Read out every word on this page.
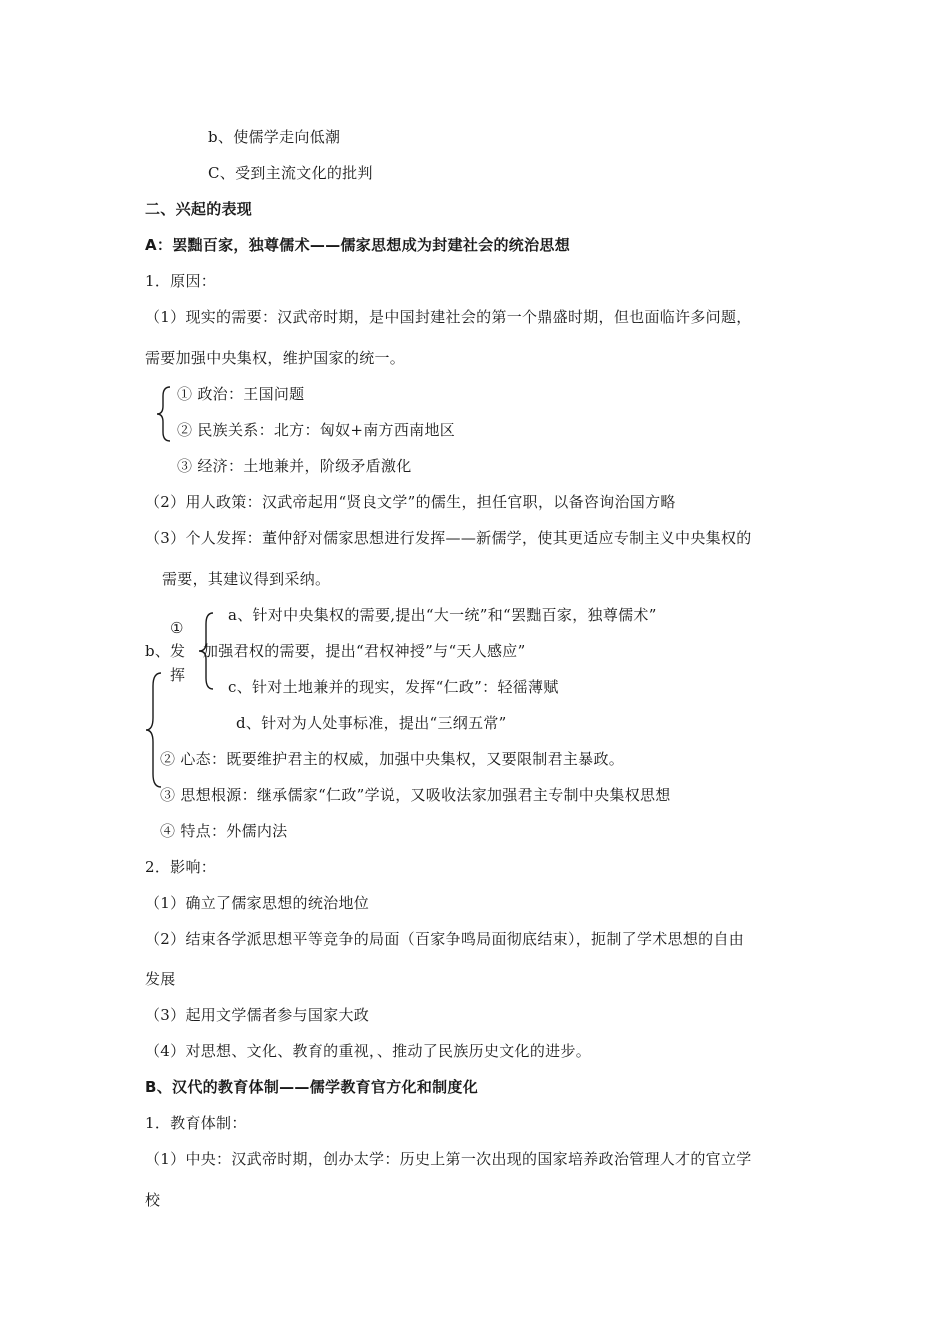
b、使儒学走向低潮
C、受到主流文化的批判
二、兴起的表现
A：罢黜百家，独尊儒术——儒家思想成为封建社会的统治思想
1．原因：
（1）现实的需要：汉武帝时期，是中国封建社会的第一个鼎盛时期，但也面临许多问题，
需要加强中央集权，维护国家的统一。
① 政治：王国问题
② 民族关系：北方：匈奴+南方西南地区
③ 经济：土地兼并，阶级矛盾激化
（2）用人政策：汉武帝起用“贤良文学”的儒生，担任官职，以备咨询治国方略
（3）个人发挥：董仲舒对儒家思想进行发挥——新儒学，使其更适应专制主义中央集权的
需要，其建议得到采纳。
b、
①
发
挥
a、针对中央集权的需要,提出“大一统”和“罢黜百家，独尊儒术”
加强君权的需要，提出“君权神授”与“天人感应”
c、针对土地兼并的现实，发挥“仁政”：轻徭薄赋
d、针对为人处事标准，提出“三纲五常”
② 心态：既要维护君主的权威，加强中央集权，又要限制君主暴政。
③ 思想根源：继承儒家“仁政”学说，又吸收法家加强君主专制中央集权思想
④ 特点：外儒内法
2．影响：
（1）确立了儒家思想的统治地位
（2）结束各学派思想平等竞争的局面（百家争鸣局面彻底结束），扼制了学术思想的自由
发展
（3）起用文学儒者参与国家大政
（4）对思想、文化、教育的重视，、推动了民族历史文化的进步。
B、汉代的教育体制——儒学教育官方化和制度化
1．教育体制：
（1）中央：汉武帝时期，创办太学：历史上第一次出现的国家培养政治管理人才的官立学
校
